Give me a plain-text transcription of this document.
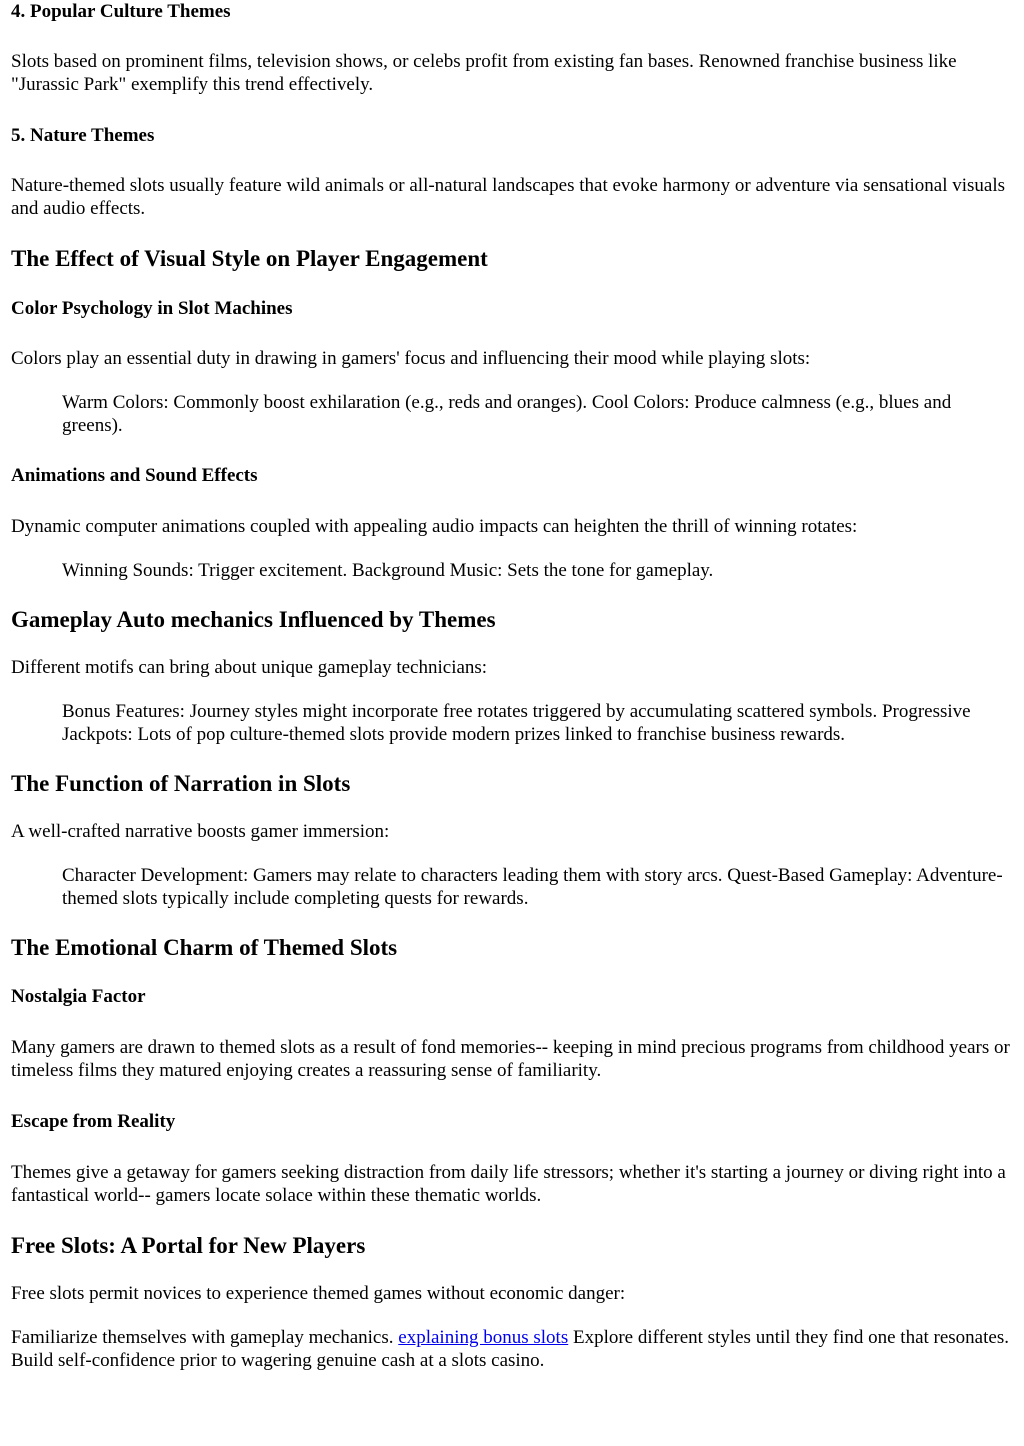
4. Popular Culture Themes

Slots based on prominent films, television shows, or celebs profit from existing fan bases. Renowned franchise business like "Jurassic Park" exemplify this trend effectively.

5. Nature Themes

Nature-themed slots usually feature wild animals or all-natural landscapes that evoke harmony or adventure via sensational visuals and audio effects.

The Effect of Visual Style on Player Engagement
Color Psychology in Slot Machines

Colors play an essential duty in drawing in gamers' focus and influencing their mood while playing slots:

Warm Colors: Commonly boost exhilaration (e.g., reds and oranges). Cool Colors: Produce calmness (e.g., blues and greens).

Animations and Sound Effects

Dynamic computer animations coupled with appealing audio impacts can heighten the thrill of winning rotates:

Winning Sounds: Trigger excitement. Background Music: Sets the tone for gameplay.

Gameplay Auto mechanics Influenced by Themes

Different motifs can bring about unique gameplay technicians:

Bonus Features: Journey styles might incorporate free rotates triggered by accumulating scattered symbols. Progressive Jackpots: Lots of pop culture-themed slots provide modern prizes linked to franchise business rewards.

The Function of Narration in Slots

A well-crafted narrative boosts gamer immersion:

Character Development: Gamers may relate to characters leading them with story arcs. Quest-Based Gameplay: Adventure-themed slots typically include completing quests for rewards.

The Emotional Charm of Themed Slots
Nostalgia Factor

Many gamers are drawn to themed slots as a result of fond memories-- keeping in mind precious programs from childhood years or timeless films they matured enjoying creates a reassuring sense of familiarity.

Escape from Reality

Themes give a getaway for gamers seeking distraction from daily life stressors; whether it's starting a journey or diving right into a fantastical world-- gamers locate solace within these thematic worlds.

Free Slots: A Portal for New Players

Free slots permit novices to experience themed games without economic danger:

Familiarize themselves with gameplay mechanics. explaining bonus slots Explore different styles until they find one that resonates. Build self-confidence prior to wagering genuine cash at a slots casino.
